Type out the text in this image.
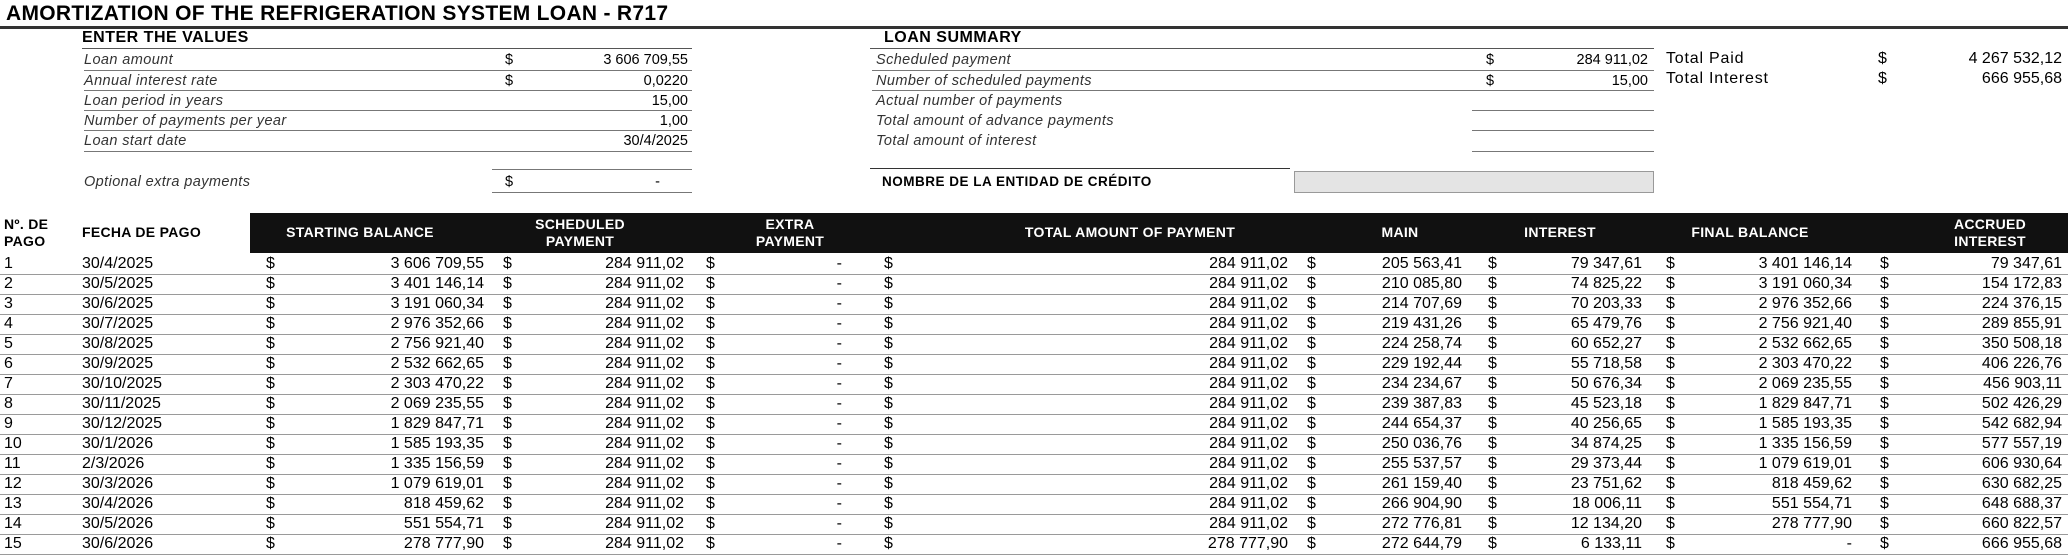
AMORTIZATION OF THE REFRIGERATION SYSTEM LOAN - R717
ENTER THE VALUES
Loan amount	$	3 606 709,55
Annual interest rate	$	0,0220
Loan period in years	15,00
Number of payments per year	1,00
Loan start date	30/4/2025
Optional extra payments	$	-
LOAN SUMMARY
Scheduled payment	$	284 911,02
Number of scheduled payments	$	15,00
Actual number of payments
Total amount of advance payments
Total amount of interest
NOMBRE DE LA ENTIDAD DE CRÉDITO
Total Paid	$	4 267 532,12
Total Interest	$	666 955,68
Nº. DE
PAGO
FECHA DE PAGO	STARTING BALANCE	SCHEDULED
PAYMENT
EXTRA
PAYMENT
TOTAL AMOUNT OF PAYMENT	MAIN	INTEREST	FINAL BALANCE	ACCRUED
INTEREST
1	30/4/2025	$	3 606 709,55 $	284 911,02 $	-	$	284 911,02 $	205 563,41 $	79 347,61 $	3 401 146,14 $	79 347,61
2	30/5/2025	$	3 401 146,14 $	284 911,02 $	-	$	284 911,02 $	210 085,80 $	74 825,22 $	3 191 060,34 $	154 172,83
3	30/6/2025	$	3 191 060,34 $	284 911,02 $	-	$	284 911,02 $	214 707,69 $	70 203,33 $	2 976 352,66 $	224 376,15
4	30/7/2025	$	2 976 352,66 $	284 911,02 $	-	$	284 911,02 $	219 431,26 $	65 479,76 $	2 756 921,40 $	289 855,91
5	30/8/2025	$	2 756 921,40 $	284 911,02 $	-	$	284 911,02 $	224 258,74 $	60 652,27 $	2 532 662,65 $	350 508,18
6	30/9/2025	$	2 532 662,65 $	284 911,02 $	-	$	284 911,02 $	229 192,44 $	55 718,58 $	2 303 470,22 $	406 226,76
7	30/10/2025	$	2 303 470,22 $	284 911,02 $	-	$	284 911,02 $	234 234,67 $	50 676,34 $	2 069 235,55 $	456 903,11
8	30/11/2025	$	2 069 235,55 $	284 911,02 $	-	$	284 911,02 $	239 387,83 $	45 523,18 $	1 829 847,71 $	502 426,29
9	30/12/2025	$	1 829 847,71 $	284 911,02 $	-	$	284 911,02 $	244 654,37 $	40 256,65 $	1 585 193,35 $	542 682,94
10	30/1/2026	$	1 585 193,35 $	284 911,02 $	-	$	284 911,02 $	250 036,76 $	34 874,25 $	1 335 156,59 $	577 557,19
11	2/3/2026	$	1 335 156,59 $	284 911,02 $	-	$	284 911,02 $	255 537,57 $	29 373,44 $	1 079 619,01 $	606 930,64
12	30/3/2026	$	1 079 619,01 $	284 911,02 $	-	$	284 911,02 $	261 159,40 $	23 751,62 $	818 459,62 $	630 682,25
13	30/4/2026	$	818 459,62 $	284 911,02 $	-	$	284 911,02 $	266 904,90 $	18 006,11 $	551 554,71 $	648 688,37
14	30/5/2026	$	551 554,71 $	284 911,02 $	-	$	284 911,02 $	272 776,81 $	12 134,20 $	278 777,90 $	660 822,57
15	30/6/2026	$	278 777,90 $	284 911,02 $	-	$	278 777,90 $	272 644,79 $	6 133,11 $	- $	666 955,68
